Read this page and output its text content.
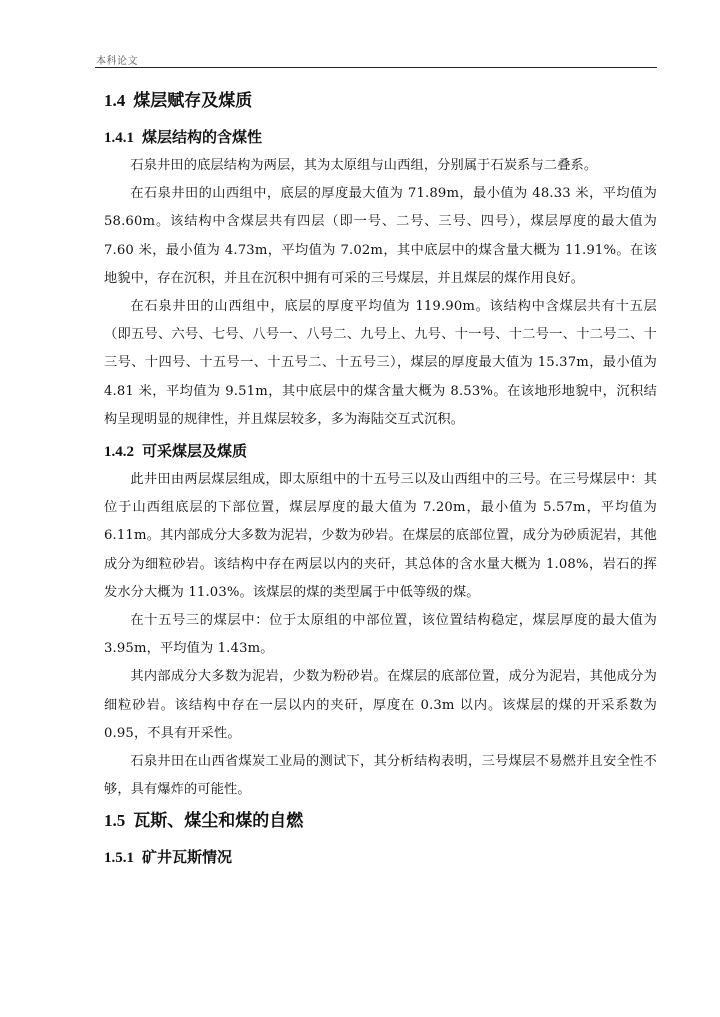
本科论文
1.4 煤层赋存及煤质
1.4.1 煤层结构的含煤性

石泉井田的底层结构为两层，其为太原组与山西组，分别属于石炭系与二叠系。

在石泉井田的山西组中，底层的厚度最大值为 71.89m，最小值为 48.33 米，平均值为 58.60m。该结构中含煤层共有四层（即一号、二号、三号、四号），煤层厚度的最大值为 7.60 米，最小值为 4.73m，平均值为 7.02m，其中底层中的煤含量大概为 11.91%。在该地貌中，存在沉积，并且在沉积中拥有可采的三号煤层，并且煤层的煤作用良好。

在石泉井田的山西组中，底层的厚度平均值为 119.90m。该结构中含煤层共有十五层（即五号、六号、七号、八号一、八号二、九号上、九号、十一号、十二号一、十二号二、十三号、十四号、十五号一、十五号二、十五号三），煤层的厚度最大值为 15.37m，最小值为 4.81 米，平均值为 9.51m，其中底层中的煤含量大概为 8.53%。在该地形地貌中，沉积结构呈现明显的规律性，并且煤层较多，多为海陆交互式沉积。

1.4.2 可采煤层及煤质

此井田由两层煤层组成，即太原组中的十五号三以及山西组中的三号。在三号煤层中：其位于山西组底层的下部位置，煤层厚度的最大值为 7.20m，最小值为 5.57m，平均值为 6.11m。其内部成分大多数为泥岩，少数为砂岩。在煤层的底部位置，成分为砂质泥岩，其他成分为细粒砂岩。该结构中存在两层以内的夹矸，其总体的含水量大概为 1.08%，岩石的挥发水分大概为 11.03%。该煤层的煤的类型属于中低等级的煤。

在十五号三的煤层中：位于太原组的中部位置，该位置结构稳定，煤层厚度的最大值为 3.95m，平均值为 1.43m。

其内部成分大多数为泥岩，少数为粉砂岩。在煤层的底部位置，成分为泥岩，其他成分为细粒砂岩。该结构中存在一层以内的夹矸，厚度在 0.3m 以内。该煤层的煤的开采系数为 0.95，不具有开采性。

石泉井田在山西省煤炭工业局的测试下，其分析结构表明，三号煤层不易燃并且安全性不够，具有爆炸的可能性。

1.5 瓦斯、煤尘和煤的自燃
1.5.1 矿井瓦斯情况
